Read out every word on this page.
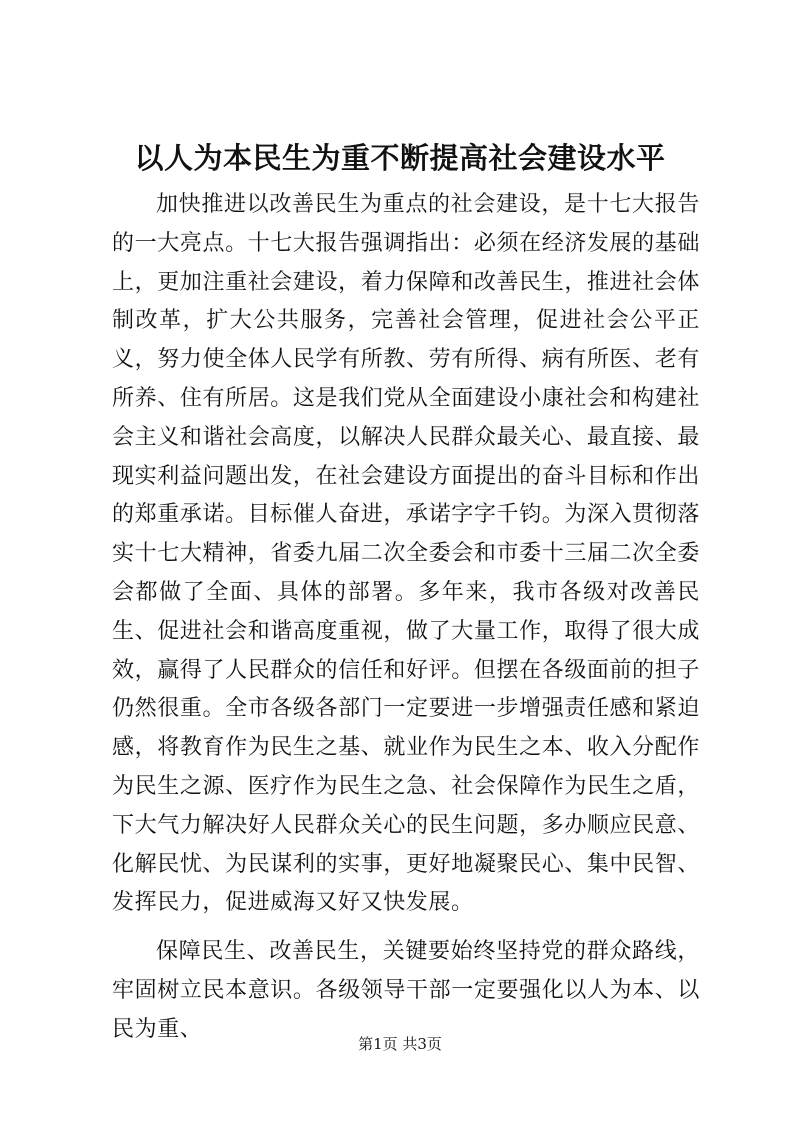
以人为本民生为重不断提高社会建设水平

加快推进以改善民生为重点的社会建设，是十七大报告的一大亮点。十七大报告强调指出：必须在经济发展的基础上，更加注重社会建设，着力保障和改善民生，推进社会体制改革，扩大公共服务，完善社会管理，促进社会公平正义，努力使全体人民学有所教、劳有所得、病有所医、老有所养、住有所居。这是我们党从全面建设小康社会和构建社会主义和谐社会高度，以解决人民群众最关心、最直接、最现实利益问题出发，在社会建设方面提出的奋斗目标和作出的郑重承诺。目标催人奋进，承诺字字千钧。为深入贯彻落实十七大精神，省委九届二次全委会和市委十三届二次全委会都做了全面、具体的部署。多年来，我市各级对改善民生、促进社会和谐高度重视，做了大量工作，取得了很大成效，赢得了人民群众的信任和好评。但摆在各级面前的担子仍然很重。全市各级各部门一定要进一步增强责任感和紧迫感，将教育作为民生之基、就业作为民生之本、收入分配作为民生之源、医疗作为民生之急、社会保障作为民生之盾，下大气力解决好人民群众关心的民生问题，多办顺应民意、化解民忧、为民谋利的实事，更好地凝聚民心、集中民智、发挥民力，促进威海又好又快发展。

保障民生、改善民生，关键要始终坚持党的群众路线，牢固树立民本意识。各级领导干部一定要强化以人为本、以民为重、

第1页 共3页
